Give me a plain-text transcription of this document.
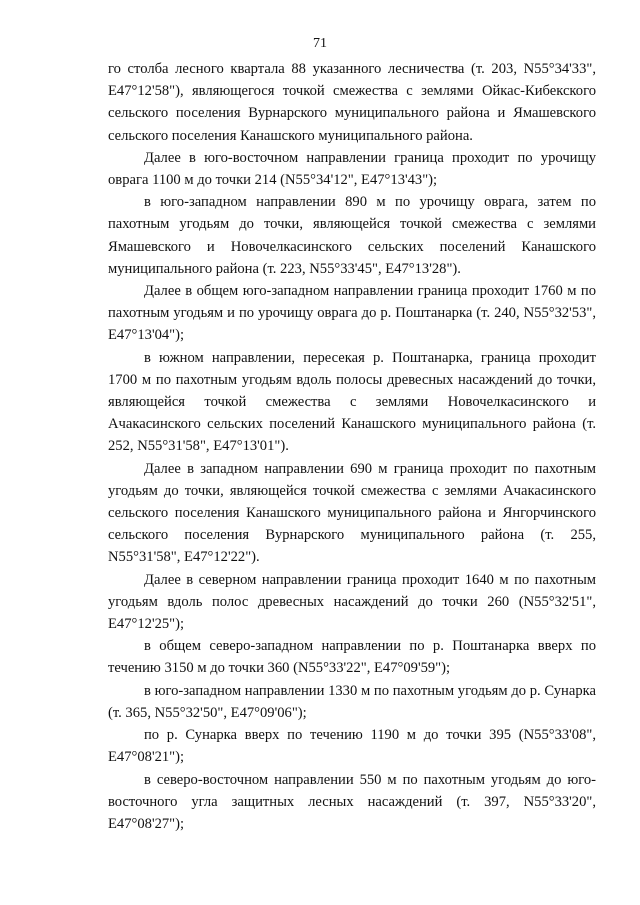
71

го столба лесного квартала 88 указанного лесничества (т. 203, N55°34'33", E47°12'58"), являющегося точкой смежества с землями Ойкас-Кибекского сельского поселения Вурнарского муниципального района и Ямашевского сельского поселения Канашского муниципального района.

Далее в юго-восточном направлении граница проходит по урочищу оврага 1100 м до точки 214 (N55°34'12", E47°13'43");

в юго-западном направлении 890 м по урочищу оврага, затем по пахотным угодьям до точки, являющейся точкой смежества с землями Ямашевского и Новочелкасинского сельских поселений Канашского муниципального района (т. 223, N55°33'45", E47°13'28").

Далее в общем юго-западном направлении граница проходит 1760 м по пахотным угодьям и по урочищу оврага до р. Поштанарка (т. 240, N55°32'53", E47°13'04");

в южном направлении, пересекая р. Поштанарка, граница проходит 1700 м по пахотным угодьям вдоль полосы древесных насаждений до точки, являющейся точкой смежества с землями Новочелкасинского и Ачакасинского сельских поселений Канашского муниципального района (т. 252, N55°31'58", E47°13'01").

Далее в западном направлении 690 м граница проходит по пахотным угодьям до точки, являющейся точкой смежества с землями Ачакасинского сельского поселения Канашского муниципального района и Янгорчинского сельского поселения Вурнарского муниципального района (т. 255, N55°31'58", E47°12'22").

Далее в северном направлении граница проходит 1640 м по пахотным угодьям вдоль полос древесных насаждений до точки 260 (N55°32'51", E47°12'25");

в общем северо-западном направлении по р. Поштанарка вверх по течению 3150 м до точки 360 (N55°33'22", E47°09'59");

в юго-западном направлении 1330 м по пахотным угодьям до р. Сунарка (т. 365, N55°32'50", E47°09'06");

по р. Сунарка вверх по течению 1190 м до точки 395 (N55°33'08", E47°08'21");

в северо-восточном направлении 550 м по пахотным угодьям до юго-восточного угла защитных лесных насаждений (т. 397, N55°33'20", E47°08'27");
